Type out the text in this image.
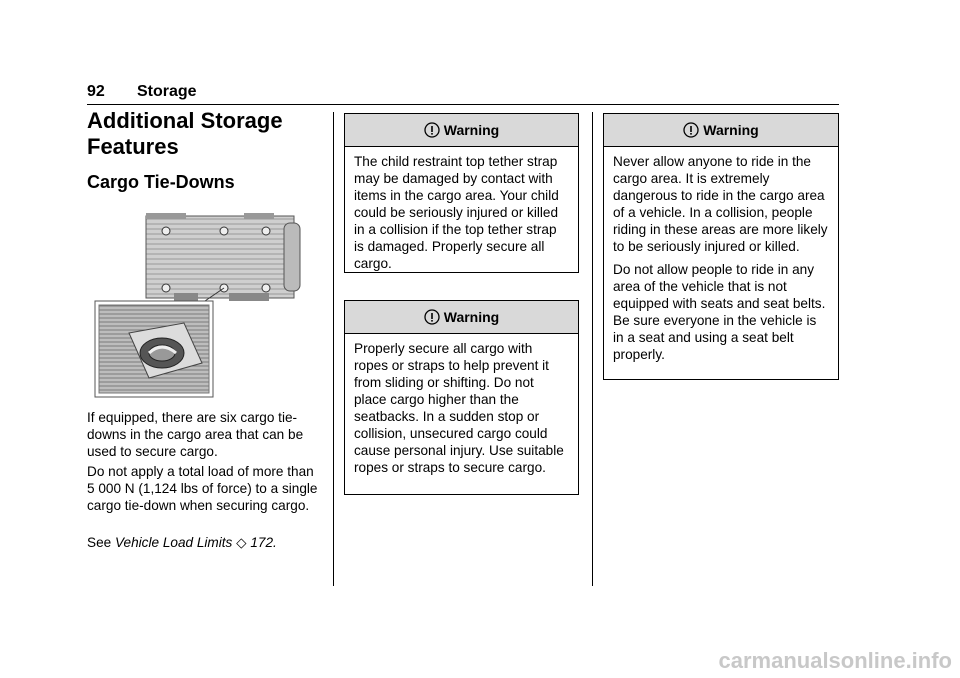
92 Storage
Additional Storage Features
Cargo Tie-Downs

If equipped, there are six cargo tie-downs in the cargo area that can be used to secure cargo.

Do not apply a total load of more than 5 000 N (1,124 lbs of force) to a single cargo tie-down when securing cargo.

See Vehicle Load Limits ◇ 172.

Warning

The child restraint top tether strap may be damaged by contact with items in the cargo area. Your child could be seriously injured or killed in a collision if the top tether strap is damaged. Properly secure all cargo.

Warning

Properly secure all cargo with ropes or straps to help prevent it from sliding or shifting. Do not place cargo higher than the seatbacks. In a sudden stop or collision, unsecured cargo could cause personal injury. Use suitable ropes or straps to secure cargo.

Warning

Never allow anyone to ride in the cargo area. It is extremely dangerous to ride in the cargo area of a vehicle. In a collision, people riding in these areas are more likely to be seriously injured or killed.

Do not allow people to ride in any area of the vehicle that is not equipped with seats and seat belts. Be sure everyone in the vehicle is in a seat and using a seat belt properly.

carmanualsonline.info
